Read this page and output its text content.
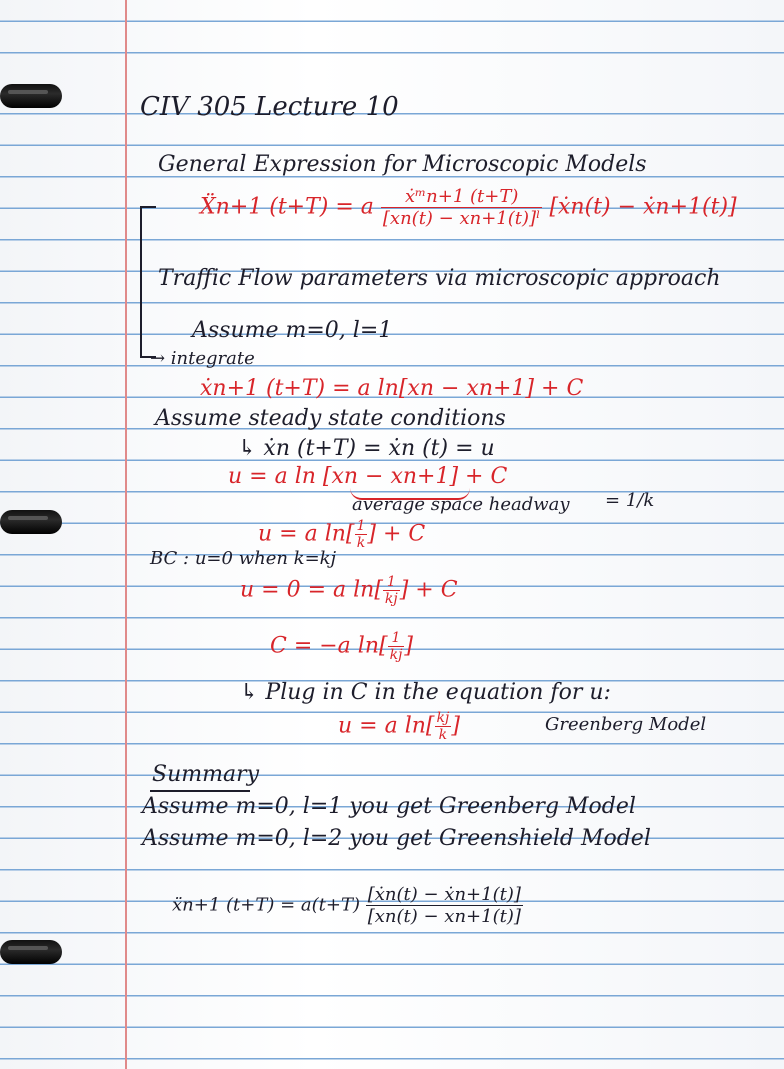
CIV 305 Lecture 10
General Expression for Microscopic Models
Ẍn+1 (t+T) = a $\frac{\text{ẋᵐn+1 (t+T)}}{\text{[xn(t) − xn+1(t)]ˡ}}$ [ẋn(t) − ẋn+1(t)]
Traffic Flow parameters via microscopic approach
Assume m=0, l=1
→ integrate
ẋn+1 (t+T) = a ln[xn − xn+1] + C
Assume steady state conditions
↳ ẋn (t+T) = ẋn (t) = u
u = a ln [xn − xn+1] + C
average space headway = 1/k
u = a $\ln[ \frac{1}{k}$ ] + C
BC : u=0 when k=kj
u = 0 = a $\ln[ \frac{1}{kj}$ ] + C
C = −a $\ln[ \frac{1}{kj}$ ]
↳ Plug in C in the equation for u:
u = a $\ln[ \frac{kj}{k}$ ]	Greenberg Model
Summary
Assume m=0, l=1 you get Greenberg Model
Assume m=0, l=2 you get Greenshield Model
ẍn+1 $(t+T) = a(t+T) \frac{\text{[ẋn(t) − ẋn+1(t)]}}{[xn(t) - xn+1(t)]}$
